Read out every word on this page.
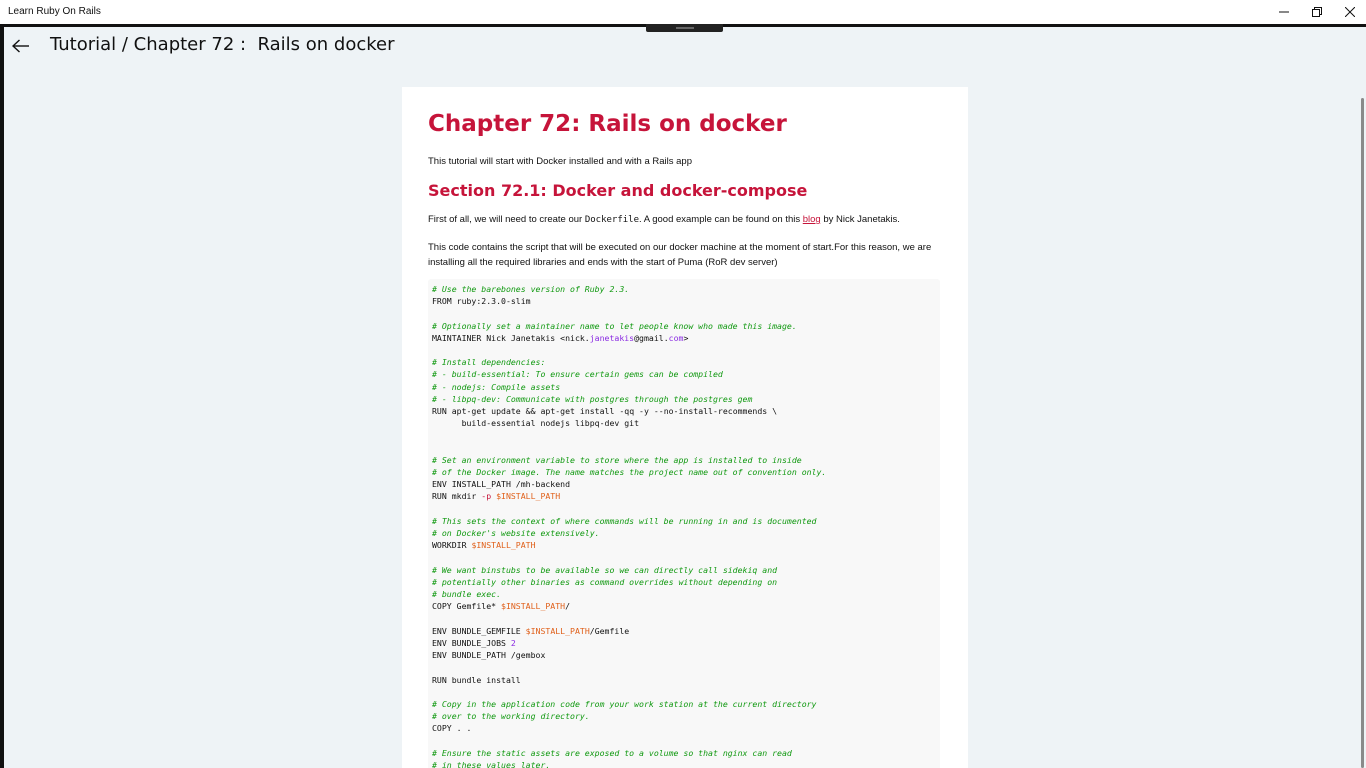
Learn Ruby On Rails
Tutorial / Chapter 72 :  Rails on docker
Chapter 72: Rails on docker
This tutorial will start with Docker installed and with a Rails app
Section 72.1: Docker and docker-compose
First of all, we will need to create our Dockerfile. A good example can be found on this blog by Nick Janetakis.
This code contains the script that will be executed on our docker machine at the moment of start.For this reason, we are installing all the required libraries and ends with the start of Puma (RoR dev server)
# Use the barebones version of Ruby 2.3.
FROM ruby:2.3.0-slim

# Optionally set a maintainer name to let people know who made this image.
MAINTAINER Nick Janetakis <nick.janetakis@gmail.com>

# Install dependencies:
# - build-essential: To ensure certain gems can be compiled
# - nodejs: Compile assets
# - libpq-dev: Communicate with postgres through the postgres gem
RUN apt-get update && apt-get install -qq -y --no-install-recommends \
build-essential nodejs libpq-dev git

# Set an environment variable to store where the app is installed to inside
# of the Docker image. The name matches the project name out of convention only.
ENV INSTALL_PATH /mh-backend
RUN mkdir -p $INSTALL_PATH

# This sets the context of where commands will be running in and is documented
# on Docker's website extensively.
WORKDIR $INSTALL_PATH

# We want binstubs to be available so we can directly call sidekiq and
# potentially other binaries as command overrides without depending on
# bundle exec.
COPY Gemfile* $INSTALL_PATH/

ENV BUNDLE_GEMFILE $INSTALL_PATH/Gemfile
ENV BUNDLE_JOBS 2
ENV BUNDLE_PATH /gembox

RUN bundle install

# Copy in the application code from your work station at the current directory
# over to the working directory.
COPY . .

# Ensure the static assets are exposed to a volume so that nginx can read
# in these values later.
